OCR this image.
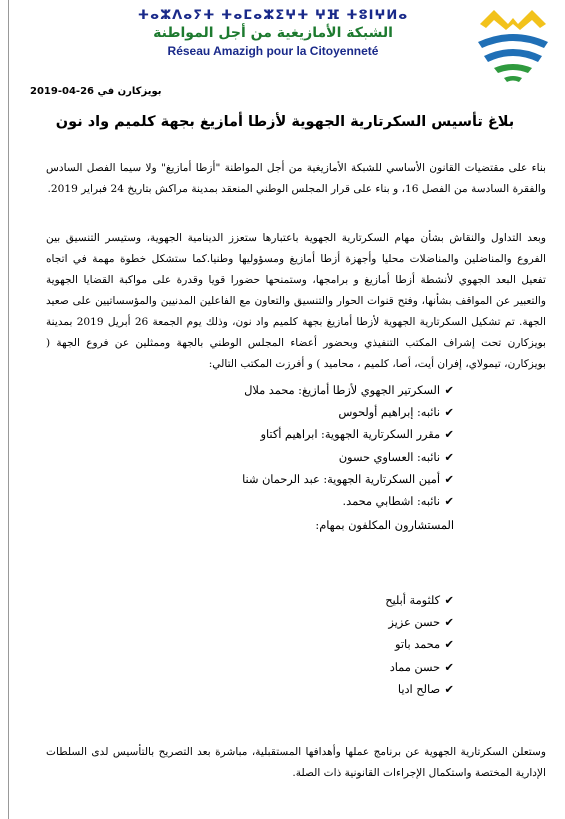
ⵜⴰⵣⴷⴰⵢⵜ ⵜⴰⵎⴰⵣⵉⵖⵜ ⵖⴼ ⵜⵓⵏⵖⵍⴰ
الشبكة الأمازيغية من أجل المواطنة
Réseau Amazigh pour la Citoyenneté
بويزكارن في 26-04-2019
بلاغ تأسيس السكرتارية الجهوية لأزطا أمازيغ بجهة كلميم واد نون
بناء على مقتضيات القانون الأساسي للشبكة الأمازيغية من أجل المواطنة "أزطا أمازيغ" ولا سيما الفصل السادس والفقرة السادسة من الفصل 16، و بناء على قرار المجلس الوطني المنعقد بمدينة مراكش بتاريخ 24 فبراير 2019.
وبعد التداول والنقاش بشأن مهام السكرتارية الجهوية باعتبارها ستعزز الدينامية الجهوية، وستيسر التنسيق بين الفروع والمناضلين والمناضلات محليا وأجهزة أزطا أمازيغ ومسؤوليها وطنيا.كما ستشكل خطوة مهمة في اتجاه تفعيل البعد الجهوي لأنشطة أزطا أمازيغ و برامجها، وستمنحها حضورا قويا وقدرة على مواكبة القضايا الجهوية والتعبير عن المواقف بشأنها، وفتح قنوات الحوار والتنسيق والتعاون مع الفاعلين المدنيين والمؤسساتيين على صعيد الجهة. تم تشكيل السكرتارية الجهوية لأزطا أمازيغ بجهة كلميم واد نون، وذلك يوم الجمعة 26 أبريل 2019 بمدينة بويزكارن تحت إشراف المكتب التنفيذي وبحضور أعضاء المجلس الوطني بالجهة وممثلين عن فروع الجهة ( بويزكارن، تيمولاي، إفران أيت، أصا، كلميم ، محاميد ) و أفرزت المكتب التالي:
✔السكرتير الجهوي لأزطا أمازيغ: محمد ملال
✔نائبه: إبراهيم أولحوس
✔مقرر السكرتارية الجهوية: ابراهيم أكتاو
✔نائبه: العساوي حسون
✔أمين السكرتارية الجهوية: عبد الرحمان شنا
✔نائبه: اشطابي محمد.
المستشارون المكلفون بمهام:
✔كلثومة أبليح
✔حسن عزيز
✔محمد باتو
✔حسن مماد
✔صالح اديا
وستعلن السكرتارية الجهوية عن برنامج عملها وأهدافها المستقبلية، مباشرة بعد التصريح بالتأسيس لدى السلطات الإدارية المختصة واستكمال الإجراءات القانونية ذات الصلة.
